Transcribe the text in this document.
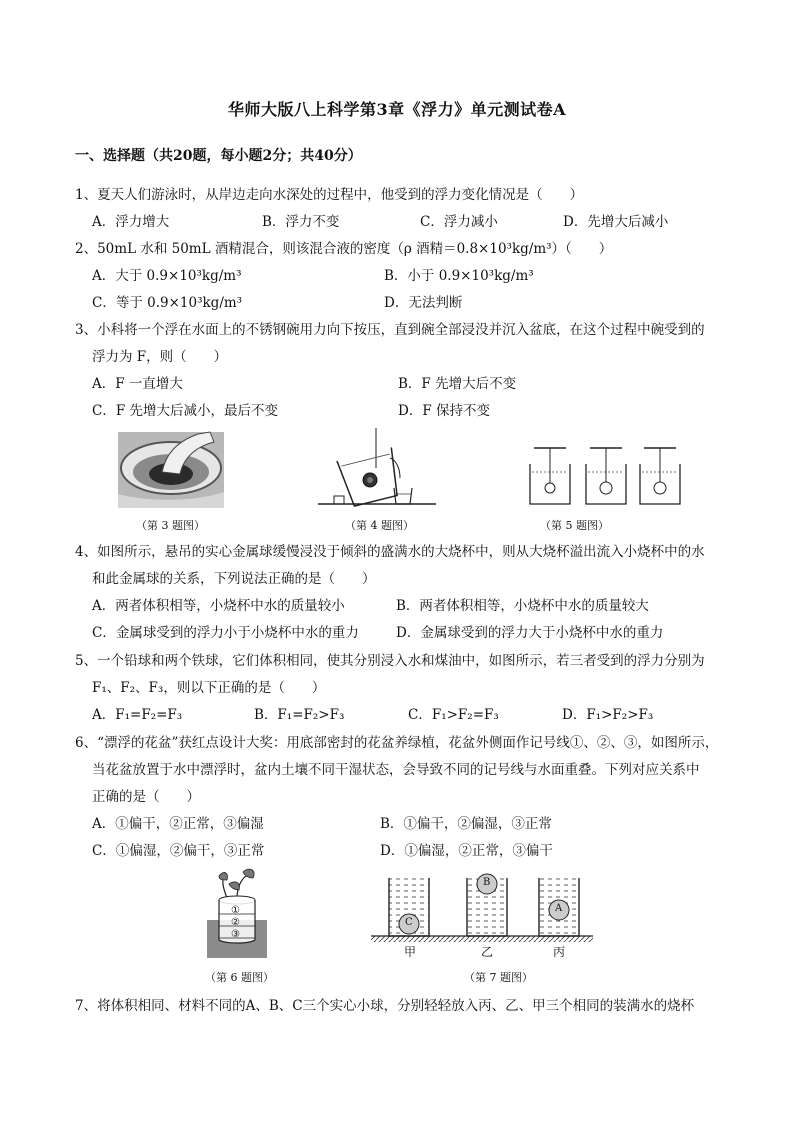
华师大版八上科学第3章《浮力》单元测试卷A
一、选择题（共20题，每小题2分；共40分）
1、夏天人们游泳时，从岸边走向水深处的过程中，他受到的浮力变化情况是（　　）
A．浮力增大	B．浮力不变	C．浮力减小	D．先增大后减小
2、50mL 水和 50mL 酒精混合，则该混合液的密度（ρ 酒精＝0.8×10³kg/m³）（　　）
A．大于 0.9×10³kg/m³	B．小于 0.9×10³kg/m³
C．等于 0.9×10³kg/m³	D．无法判断
3、小科将一个浮在水面上的不锈钢碗用力向下按压，直到碗全部浸没并沉入盆底，在这个过程中碗受到的
浮力为 F，则（　　）
A．F 一直增大	B．F 先增大后不变
C．F 先增大后减小，最后不变	D．F 保持不变
（第 3 题图）	（第 4 题图）	（第 5 题图）
4、如图所示，悬吊的实心金属球缓慢浸没于倾斜的盛满水的大烧杯中，则从大烧杯溢出流入小烧杯中的水
和此金属球的关系，下列说法正确的是（　　）
A．两者体积相等，小烧杯中水的质量较小	B．两者体积相等，小烧杯中水的质量较大
C．金属球受到的浮力小于小烧杯中水的重力	D．金属球受到的浮力大于小烧杯中水的重力
5、一个铅球和两个铁球，它们体积相同，使其分别浸入水和煤油中，如图所示，若三者受到的浮力分别为
F₁、F₂、F₃，则以下正确的是（　　）
A．F₁=F₂=F₃	B．F₁=F₂>F₃	C．F₁>F₂=F₃	D．F₁>F₂>F₃
6、“漂浮的花盆”获红点设计大奖：用底部密封的花盆养绿植，花盆外侧面作记号线①、②、③，如图所示，
当花盆放置于水中漂浮时，盆内土壤不同干湿状态，会导致不同的记号线与水面重叠。下列对应关系中
正确的是（　　）
A．①偏干，②正常，③偏湿	B．①偏干，②偏湿，③正常
C．①偏湿，②偏干，③正常	D．①偏湿，②正常，③偏干
①
②
③
（第 6 题图）
C
B
A
甲	乙	丙
（第 7 题图）
7、将体积相同、材料不同的A、B、C三个实心小球，分别轻轻放入丙、乙、甲三个相同的装满水的烧杯
